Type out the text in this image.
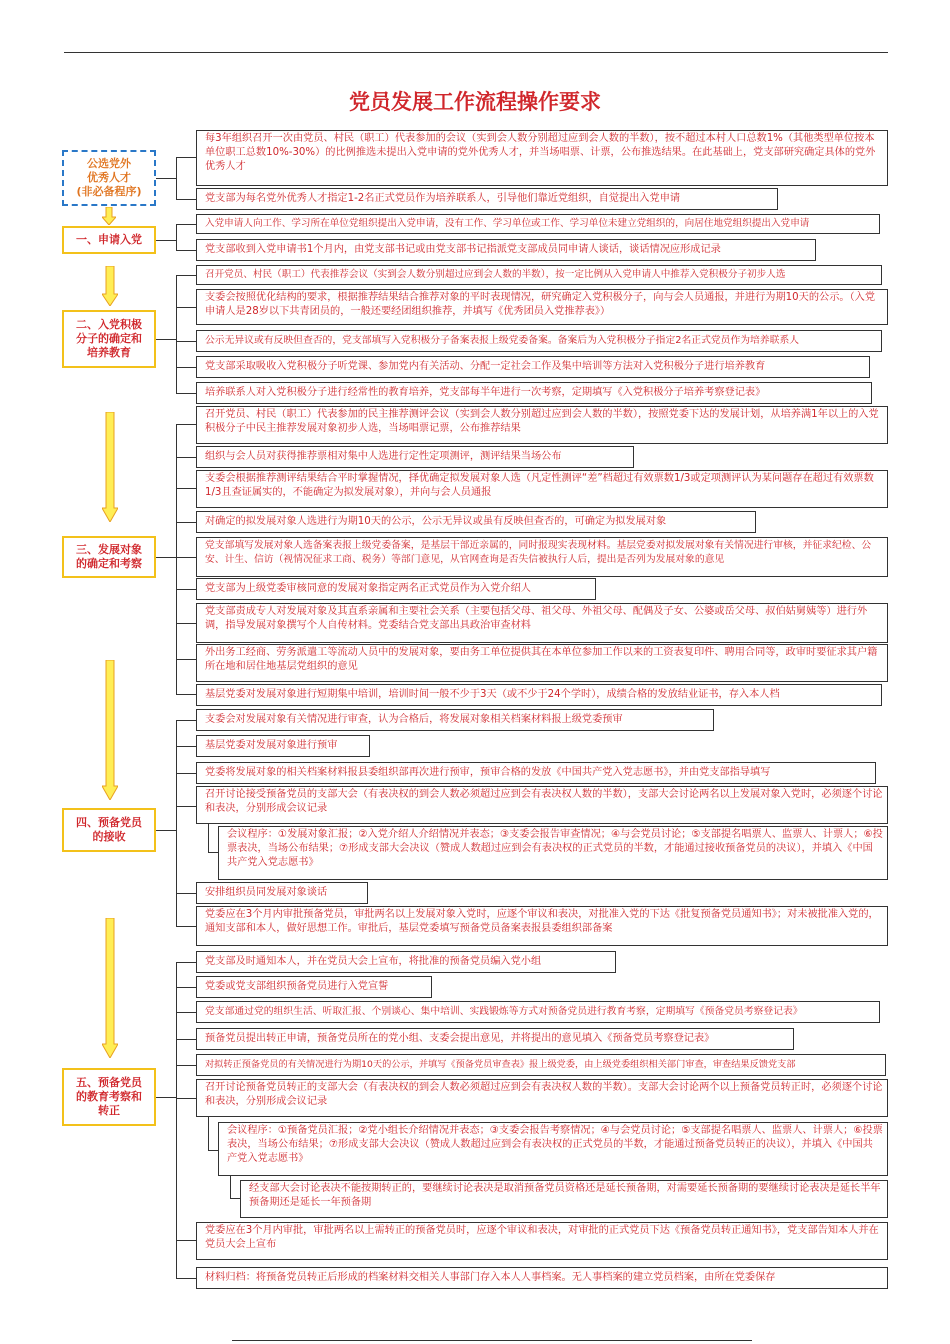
党员发展工作流程操作要求
公选党外
优秀人才
(非必备程序)
一、申请入党
二、入党积极
分子的确定和
培养教育
三、发展对象
的确定和考察
四、预备党员
的接收
五、预备党员
的教育考察和
转正
每3年组织召开一次由党员、村民（职工）代表参加的会议（实到会人数分别超过应到会人数的半数），按不超过本村人口总数1%（其他类型单位按本单位职工总数10%-30%）的比例推选未提出入党申请的党外优秀人才，并当场唱票、计票，公布推选结果。在此基础上，党支部研究确定具体的党外优秀人才
党支部为每名党外优秀人才指定1-2名正式党员作为培养联系人，引导他们靠近党组织，自觉提出入党申请
入党申请人向工作、学习所在单位党组织提出入党申请，没有工作、学习单位或工作、学习单位未建立党组织的，向居住地党组织提出入党申请
党支部收到入党申请书1个月内，由党支部书记或由党支部书记指派党支部成员同申请人谈话，谈话情况应形成记录
召开党员、村民（职工）代表推荐会议（实到会人数分别超过应到会人数的半数），按一定比例从入党申请人中推荐入党积极分子初步人选
支委会按照优化结构的要求，根据推荐结果结合推荐对象的平时表现情况，研究确定入党积极分子，向与会人员通报，并进行为期10天的公示。（入党申请人是28岁以下共青团员的，一般还要经团组织推荐，并填写《优秀团员入党推荐表》）
公示无异议或有反映但查否的，党支部填写入党积极分子备案表报上级党委备案。备案后为入党积极分子指定2名正式党员作为培养联系人
党支部采取吸收入党积极分子听党课、参加党内有关活动、分配一定社会工作及集中培训等方法对入党积极分子进行培养教育
培养联系人对入党积极分子进行经常性的教育培养，党支部每半年进行一次考察，定期填写《入党积极分子培养考察登记表》
召开党员、村民（职工）代表参加的民主推荐测评会议（实到会人数分别超过应到会人数的半数），按照党委下达的发展计划，从培养满1年以上的入党积极分子中民主推荐发展对象初步人选，当场唱票记票，公布推荐结果
组织与会人员对获得推荐票相对集中人选进行定性定项测评，测评结果当场公布
支委会根据推荐测评结果结合平时掌握情况，择优确定拟发展对象人选（凡定性测评“差”档超过有效票数1/3或定项测评认为某问题存在超过有效票数1/3且查证属实的，不能确定为拟发展对象），并向与会人员通报
对确定的拟发展对象人选进行为期10天的公示，公示无异议或虽有反映但查否的，可确定为拟发展对象
党支部填写发展对象人选备案表报上级党委备案，是基层干部近亲属的，同时报现实表现材料。基层党委对拟发展对象有关情况进行审核，并征求纪检、公安、计生、信访（视情况征求工商、税务）等部门意见，从官网查询是否失信被执行人后，提出是否列为发展对象的意见
党支部为上级党委审核同意的发展对象指定两名正式党员作为入党介绍人
党支部责成专人对发展对象及其直系亲属和主要社会关系（主要包括父母、祖父母、外祖父母、配偶及子女、公婆或岳父母、叔伯姑舅姨等）进行外调，指导发展对象撰写个人自传材料。党委结合党支部出具政治审查材料
外出务工经商、劳务派遣工等流动人员中的发展对象，要由务工单位提供其在本单位参加工作以来的工资表复印件、聘用合同等，政审时要征求其户籍所在地和居住地基层党组织的意见
基层党委对发展对象进行短期集中培训，培训时间一般不少于3天（或不少于24个学时），成绩合格的发放结业证书，存入本人档
支委会对发展对象有关情况进行审查，认为合格后，将发展对象相关档案材料报上级党委预审
基层党委对发展对象进行预审
党委将发展对象的相关档案材料报县委组织部再次进行预审，预审合格的发放《中国共产党入党志愿书》，并由党支部指导填写
召开讨论接受预备党员的支部大会（有表决权的到会人数必须超过应到会有表决权人数的半数），支部大会讨论两名以上发展对象入党时，必须逐个讨论和表决，分别形成会议记录
会议程序：①发展对象汇报；②入党介绍人介绍情况并表态；③支委会报告审查情况；④与会党员讨论；⑤支部提名唱票人、监票人、计票人；⑥投票表决，当场公布结果；⑦形成支部大会决议（赞成人数超过应到会有表决权的正式党员的半数，才能通过接收预备党员的决议），并填入《中国共产党入党志愿书》
安排组织员同发展对象谈话
党委应在3个月内审批预备党员，审批两名以上发展对象入党时，应逐个审议和表决，对批准入党的下达《批复预备党员通知书》；对未被批准入党的，通知支部和本人，做好思想工作。审批后，基层党委填写预备党员备案表报县委组织部备案
党支部及时通知本人，并在党员大会上宣布，将批准的预备党员编入党小组
党委或党支部组织预备党员进行入党宣誓
党支部通过党的组织生活、听取汇报、个别谈心、集中培训、实践锻炼等方式对预备党员进行教育考察，定期填写《预备党员考察登记表》
预备党员提出转正申请，预备党员所在的党小组、支委会提出意见，并将提出的意见填入《预备党员考察登记表》
对拟转正预备党员的有关情况进行为期10天的公示，并填写《预备党员审查表》报上级党委，由上级党委组织相关部门审查，审查结果反馈党支部
召开讨论预备党员转正的支部大会（有表决权的到会人数必须超过应到会有表决权人数的半数）。支部大会讨论两个以上预备党员转正时，必须逐个讨论和表决，分别形成会议记录
会议程序：①预备党员汇报；②党小组长介绍情况并表态；③支委会报告考察情况；④与会党员讨论；⑤支部提名唱票人、监票人、计票人；⑥投票表决，当场公布结果；⑦形成支部大会决议（赞成人数超过应到会有表决权的正式党员的半数，才能通过预备党员转正的决议），并填入《中国共产党入党志愿书》
经支部大会讨论表决不能按期转正的，要继续讨论表决是取消预备党员资格还是延长预备期，对需要延长预备期的要继续讨论表决是延长半年预备期还是延长一年预备期
党委应在3个月内审批，审批两名以上需转正的预备党员时，应逐个审议和表决，对审批的正式党员下达《预备党员转正通知书》，党支部告知本人并在党员大会上宣布
材料归档：将预备党员转正后形成的档案材料交相关人事部门存入本人人事档案。无人事档案的建立党员档案，由所在党委保存
